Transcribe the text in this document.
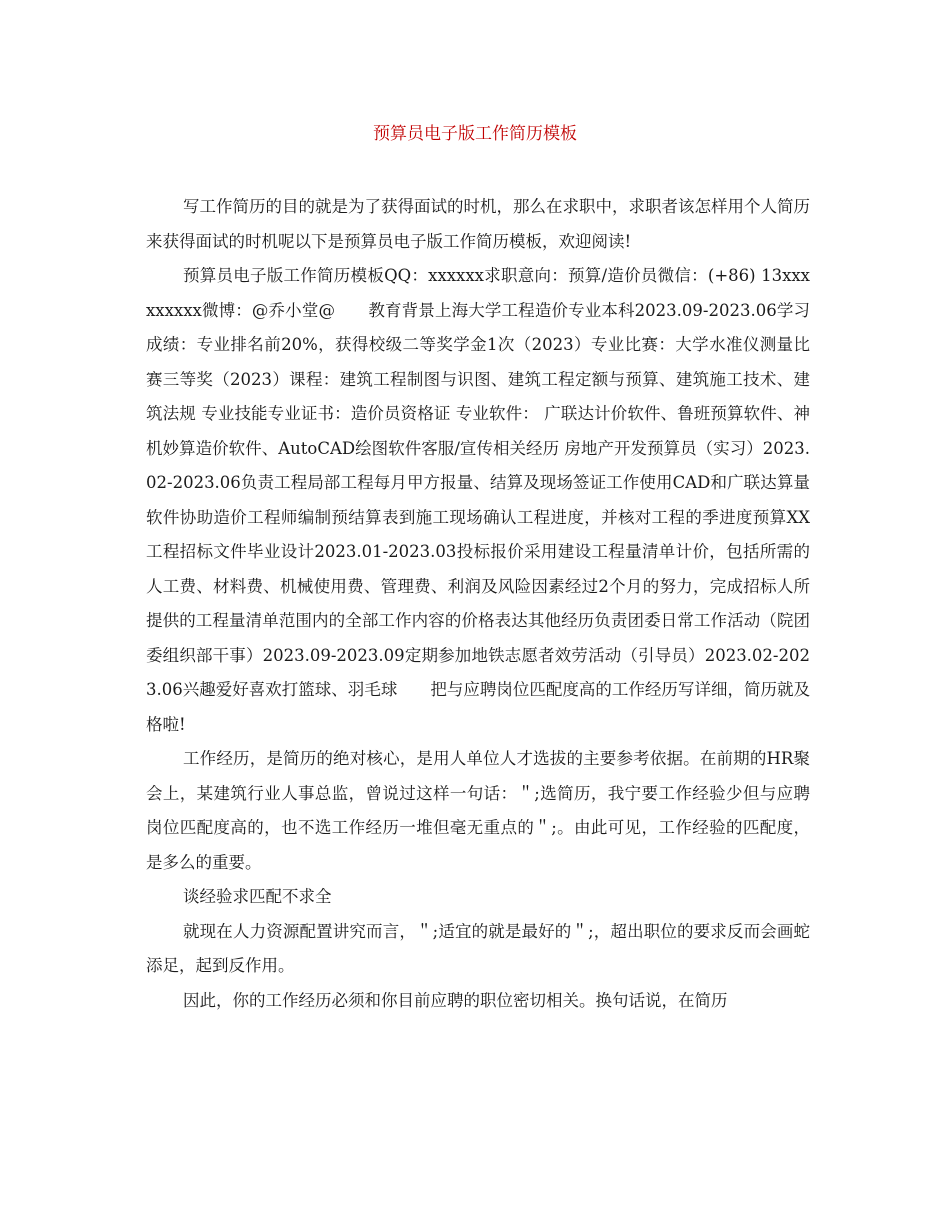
预算员电子版工作简历模板

写工作简历的目的就是为了获得面试的时机，那么在求职中，求职者该怎样用个人简历来获得面试的时机呢以下是预算员电子版工作简历模板，欢迎阅读!

预算员电子版工作简历模板QQ：xxxxxx求职意向：预算/造价员微信：(+86) 13xxxxxxxxx微博：@乔小堂@　　教育背景上海大学工程造价专业本科2023.09-2023.06学习成绩：专业排名前20%，获得校级二等奖学金1次（2023）专业比赛：大学水准仪测量比赛三等奖（2023）课程：建筑工程制图与识图、建筑工程定额与预算、建筑施工技术、建筑法规 专业技能专业证书：造价员资格证 专业软件： 广联达计价软件、鲁班预算软件、神机妙算造价软件、AutoCAD绘图软件客服/宣传相关经历 房地产开发预算员（实习）2023.02-2023.06负责工程局部工程每月甲方报量、结算及现场签证工作使用CAD和广联达算量软件协助造价工程师编制预结算表到施工现场确认工程进度，并核对工程的季进度预算XX工程招标文件毕业设计2023.01-2023.03投标报价采用建设工程量清单计价，包括所需的人工费、材料费、机械使用费、管理费、利润及风险因素经过2个月的努力，完成招标人所提供的工程量清单范围内的全部工作内容的价格表达其他经历负责团委日常工作活动（院团委组织部干事）2023.09-2023.09定期参加地铁志愿者效劳活动（引导员）2023.02-2023.06兴趣爱好喜欢打篮球、羽毛球　　把与应聘岗位匹配度高的工作经历写详细，简历就及格啦!

工作经历，是简历的绝对核心，是用人单位人才选拔的主要参考依据。在前期的HR聚会上，某建筑行业人事总监，曾说过这样一句话：＂;选简历，我宁要工作经验少但与应聘岗位匹配度高的，也不选工作经历一堆但毫无重点的＂;。由此可见，工作经验的匹配度，是多么的重要。

谈经验求匹配不求全

就现在人力资源配置讲究而言，＂;适宜的就是最好的＂;，超出职位的要求反而会画蛇添足，起到反作用。

因此，你的工作经历必须和你目前应聘的职位密切相关。换句话说，在简历
